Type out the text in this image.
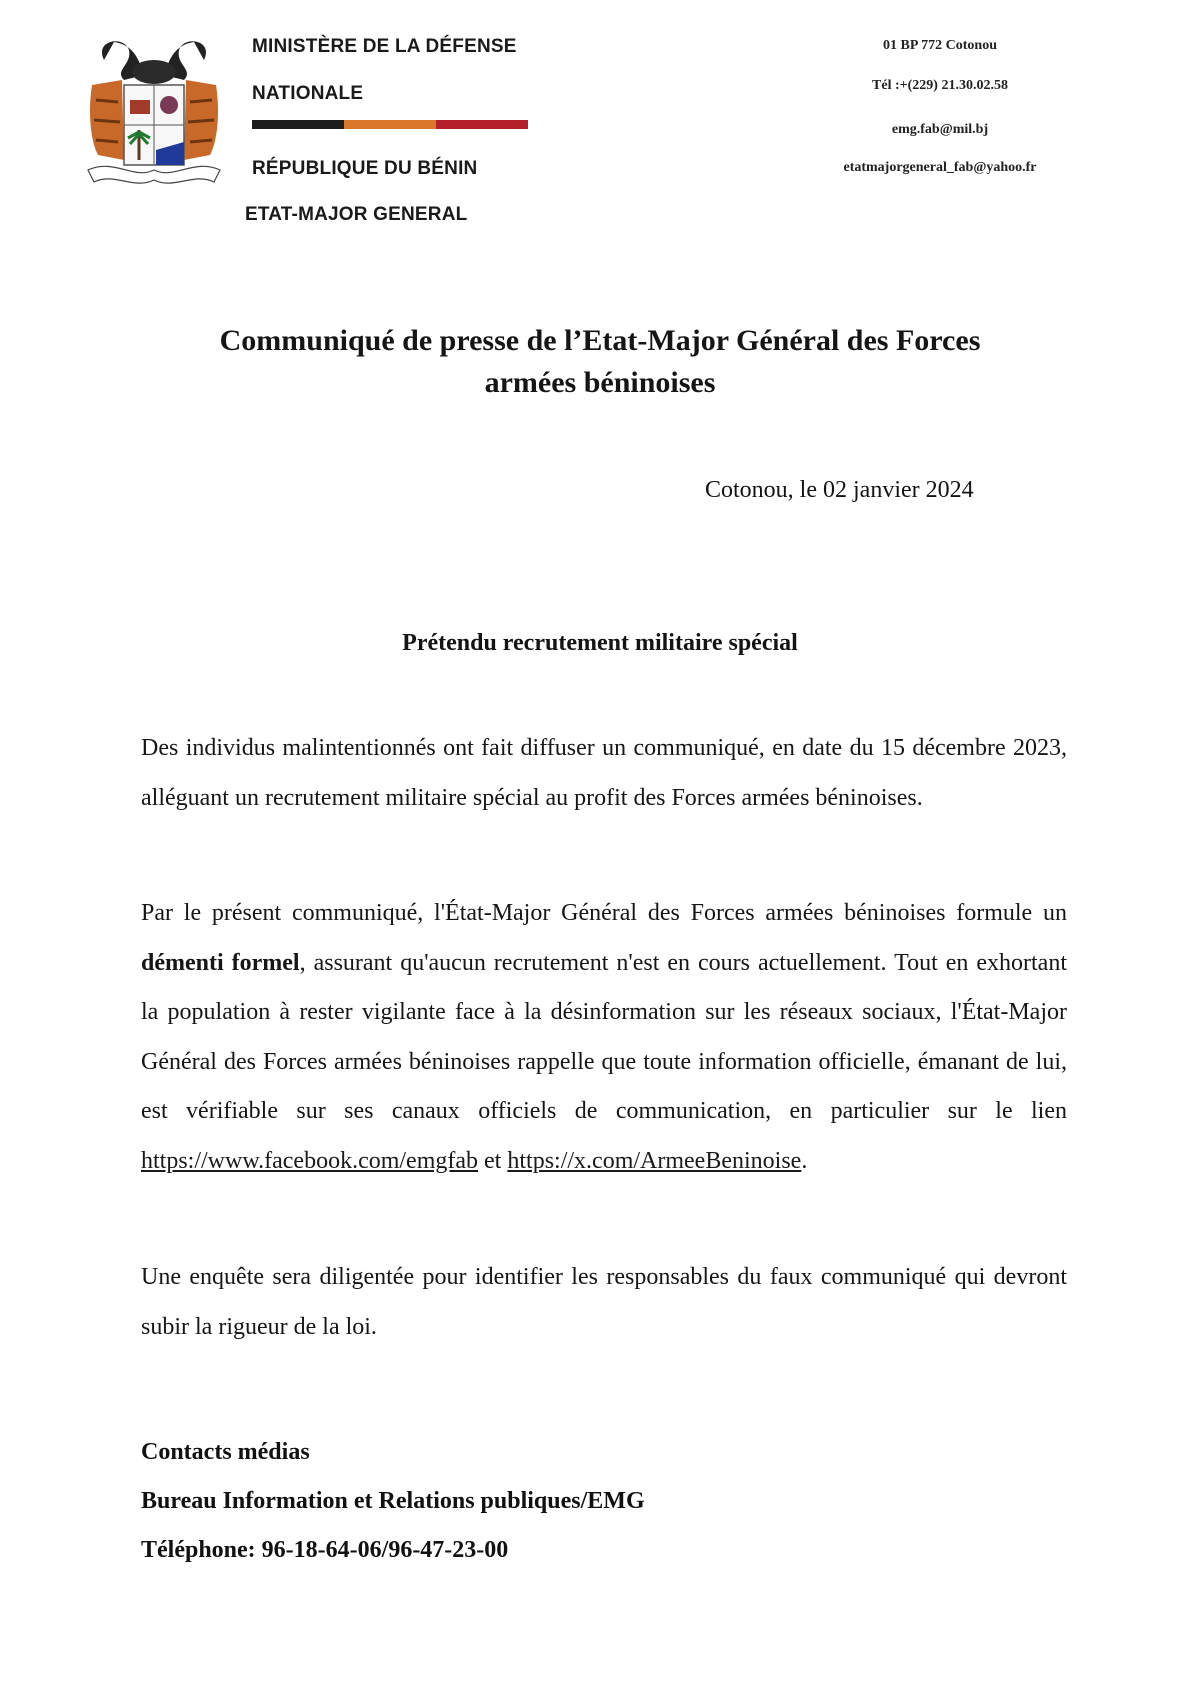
MINISTÈRE DE LA DÉFENSE
NATIONALE
RÉPUBLIQUE DU BÉNIN
ETAT-MAJOR GENERAL
01 BP 772 Cotonou
Tél :+(229) 21.30.02.58
emg.fab@mil.bj
etatmajorgeneral_fab@yahoo.fr
Communiqué de presse de l’Etat-Major Général des Forces
armées béninoises
Cotonou, le 02 janvier 2024
Prétendu recrutement militaire spécial
Des individus malintentionnés ont fait diffuser un communiqué, en date du 15 décembre 2023, alléguant un recrutement militaire spécial au profit des Forces armées béninoises.
Par le présent communiqué, l'État-Major Général des Forces armées béninoises formule un démenti formel, assurant qu'aucun recrutement n'est en cours actuellement. Tout en exhortant la population à rester vigilante face à la désinformation sur les réseaux sociaux, l'État-Major Général des Forces armées béninoises rappelle que toute information officielle, émanant de lui, est vérifiable sur ses canaux officiels de communication, en particulier sur le lien https://www.facebook.com/emgfab et https://x.com/ArmeeBeninoise.
Une enquête sera diligentée pour identifier les responsables du faux communiqué qui devront subir la rigueur de la loi.
Contacts médias
Bureau Information et Relations publiques/EMG
Téléphone: 96-18-64-06/96-47-23-00
